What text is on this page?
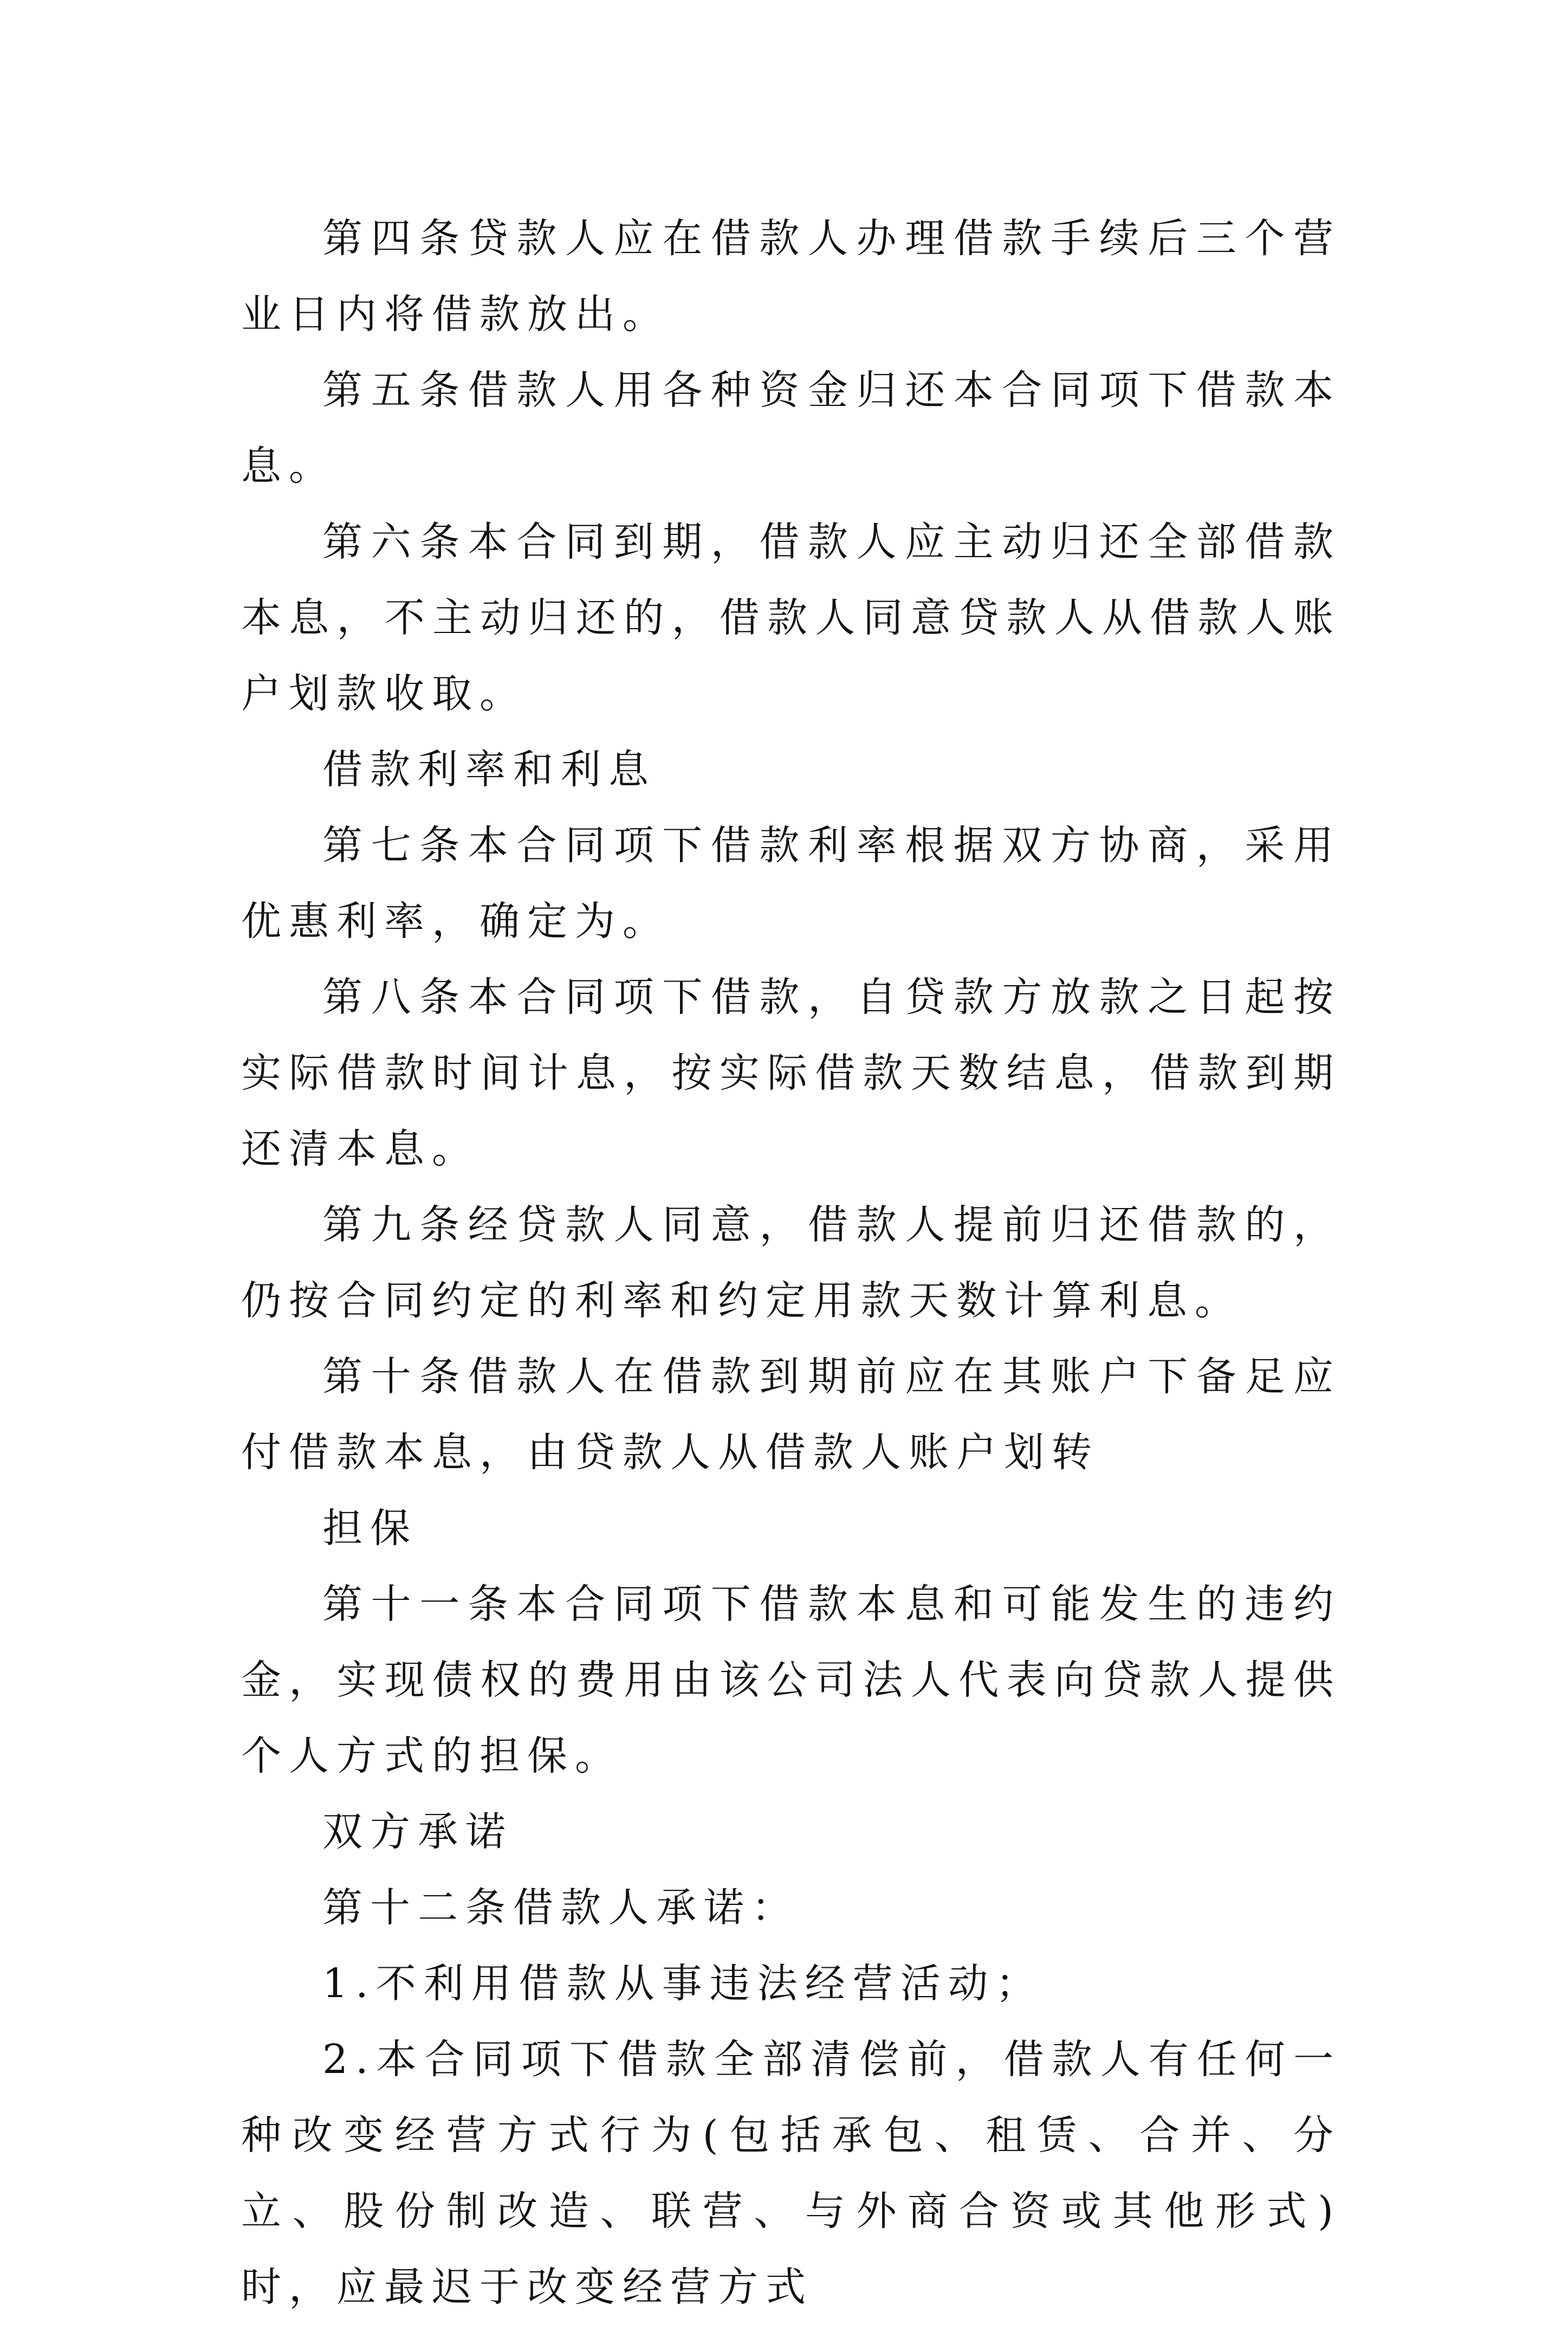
第四条贷款人应在借款人办理借款手续后三个营业日内将借款放出。

第五条借款人用各种资金归还本合同项下借款本息。

第六条本合同到期，借款人应主动归还全部借款本息，不主动归还的，借款人同意贷款人从借款人账户划款收取。

借款利率和利息

第七条本合同项下借款利率根据双方协商，采用优惠利率，确定为。

第八条本合同项下借款，自贷款方放款之日起按实际借款时间计息，按实际借款天数结息，借款到期还清本息。

第九条经贷款人同意，借款人提前归还借款的，仍按合同约定的利率和约定用款天数计算利息。

第十条借款人在借款到期前应在其账户下备足应付借款本息，由贷款人从借款人账户划转

担保

第十一条本合同项下借款本息和可能发生的违约金，实现债权的费用由该公司法人代表向贷款人提供个人方式的担保。

双方承诺

第十二条借款人承诺：

1.不利用借款从事违法经营活动；

2.本合同项下借款全部清偿前，借款人有任何一种改变经营方式行为(包括承包、租赁、合并、分立、股份制改造、联营、与外商合资或其他形式)时，应最迟于改变经营方式
